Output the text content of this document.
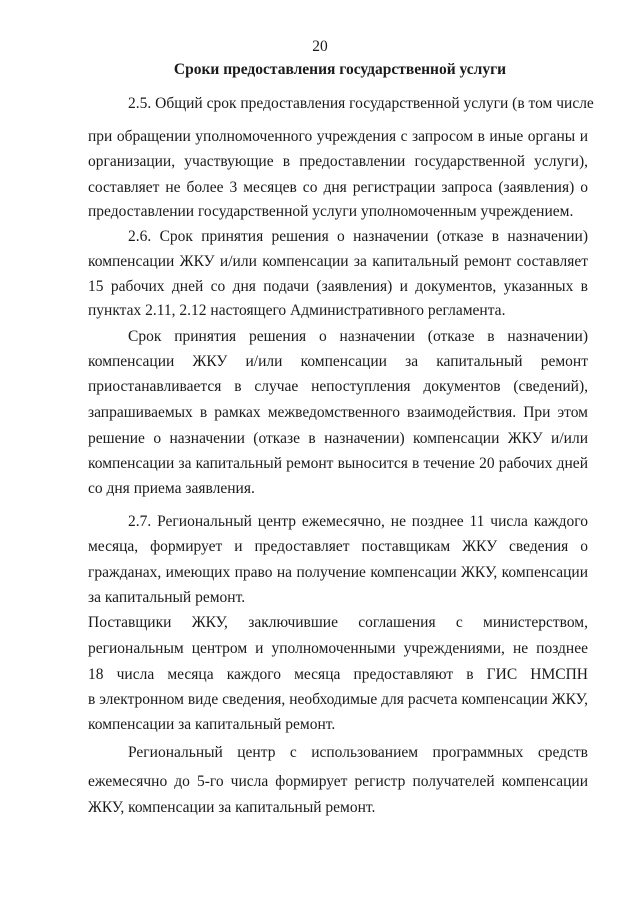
20
Сроки предоставления государственной услуги
2.5. Общий срок предоставления государственной услуги (в том числе
при обращении уполномоченного учреждения с запросом в иные органы и
организации, участвующие в предоставлении государственной услуги),
составляет не более 3 месяцев со дня регистрации запроса (заявления) о
предоставлении государственной услуги уполномоченным учреждением.
2.6. Срок принятия решения о назначении (отказе в назначении)
компенсации ЖКУ и/или компенсации за капитальный ремонт составляет
15 рабочих дней со дня подачи (заявления) и документов, указанных в
пунктах 2.11, 2.12 настоящего Административного регламента.
Срок принятия решения о назначении (отказе в назначении)
компенсации ЖКУ и/или компенсации за капитальный ремонт
приостанавливается в случае непоступления документов (сведений),
запрашиваемых в рамках межведомственного взаимодействия. При этом
решение о назначении (отказе в назначении) компенсации ЖКУ и/или
компенсации за капитальный ремонт выносится в течение 20 рабочих дней
со дня приема заявления.
2.7. Региональный центр ежемесячно, не позднее 11 числа каждого
месяца, формирует и предоставляет поставщикам ЖКУ сведения о
гражданах, имеющих право на получение компенсации ЖКУ, компенсации
за капитальный ремонт.
Поставщики ЖКУ, заключившие соглашения с министерством,
региональным центром и уполномоченными учреждениями, не позднее
18 числа месяца каждого месяца предоставляют в ГИС НМСПН
в электронном виде сведения, необходимые для расчета компенсации ЖКУ,
компенсации за капитальный ремонт.
Региональный центр с использованием программных средств
ежемесячно до 5-го числа формирует регистр получателей компенсации
ЖКУ, компенсации за капитальный ремонт.
